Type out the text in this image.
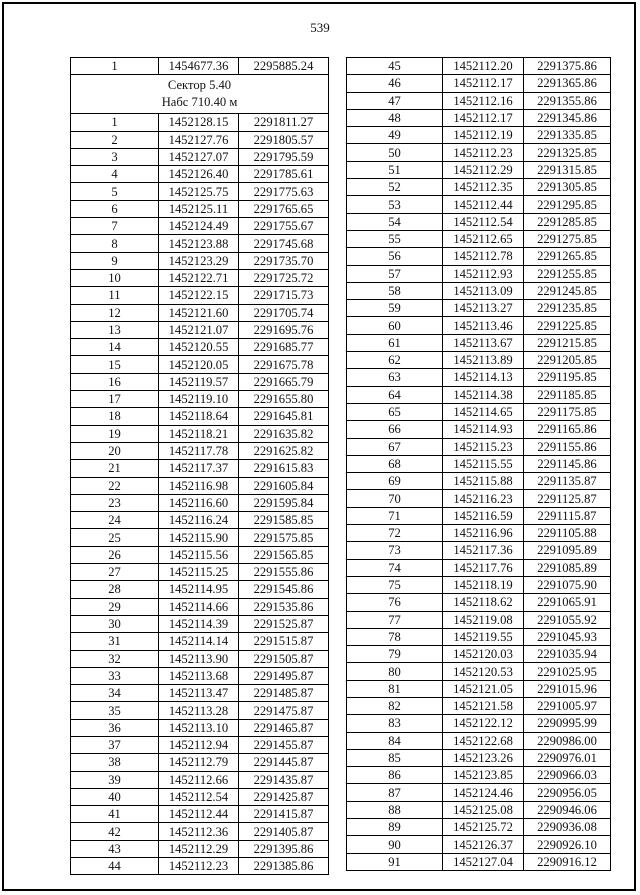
539
1	1454677.36	2295885.24

Сектор 5.40
Набс 710.40 м		

1	1452128.15	2291811.27
2	1452127.76	2291805.57
3	1452127.07	2291795.59
4	1452126.40	2291785.61
5	1452125.75	2291775.63
6	1452125.11	2291765.65
7	1452124.49	2291755.67
8	1452123.88	2291745.68
9	1452123.29	2291735.70
10	1452122.71	2291725.72
11	1452122.15	2291715.73
12	1452121.60	2291705.74
13	1452121.07	2291695.76
14	1452120.55	2291685.77
15	1452120.05	2291675.78
16	1452119.57	2291665.79
17	1452119.10	2291655.80
18	1452118.64	2291645.81
19	1452118.21	2291635.82
20	1452117.78	2291625.82
21	1452117.37	2291615.83
22	1452116.98	2291605.84
23	1452116.60	2291595.84
24	1452116.24	2291585.85
25	1452115.90	2291575.85
26	1452115.56	2291565.85
27	1452115.25	2291555.86
28	1452114.95	2291545.86
29	1452114.66	2291535.86
30	1452114.39	2291525.87
31	1452114.14	2291515.87
32	1452113.90	2291505.87
33	1452113.68	2291495.87
34	1452113.47	2291485.87
35	1452113.28	2291475.87
36	1452113.10	2291465.87
37	1452112.94	2291455.87
38	1452112.79	2291445.87
39	1452112.66	2291435.87
40	1452112.54	2291425.87
41	1452112.44	2291415.87
42	1452112.36	2291405.87
43	1452112.29	2291395.86
44	1452112.23	2291385.86
45	1452112.20	2291375.86
46	1452112.17	2291365.86
47	1452112.16	2291355.86
48	1452112.17	2291345.86
49	1452112.19	2291335.85
50	1452112.23	2291325.85
51	1452112.29	2291315.85
52	1452112.35	2291305.85
53	1452112.44	2291295.85
54	1452112.54	2291285.85
55	1452112.65	2291275.85
56	1452112.78	2291265.85
57	1452112.93	2291255.85
58	1452113.09	2291245.85
59	1452113.27	2291235.85
60	1452113.46	2291225.85
61	1452113.67	2291215.85
62	1452113.89	2291205.85
63	1452114.13	2291195.85
64	1452114.38	2291185.85
65	1452114.65	2291175.85
66	1452114.93	2291165.86
67	1452115.23	2291155.86
68	1452115.55	2291145.86
69	1452115.88	2291135.87
70	1452116.23	2291125.87
71	1452116.59	2291115.87
72	1452116.96	2291105.88
73	1452117.36	2291095.89
74	1452117.76	2291085.89
75	1452118.19	2291075.90
76	1452118.62	2291065.91
77	1452119.08	2291055.92
78	1452119.55	2291045.93
79	1452120.03	2291035.94
80	1452120.53	2291025.95
81	1452121.05	2291015.96
82	1452121.58	2291005.97
83	1452122.12	2290995.99
84	1452122.68	2290986.00
85	1452123.26	2290976.01
86	1452123.85	2290966.03
87	1452124.46	2290956.05
88	1452125.08	2290946.06
89	1452125.72	2290936.08
90	1452126.37	2290926.10
91	1452127.04	2290916.12
